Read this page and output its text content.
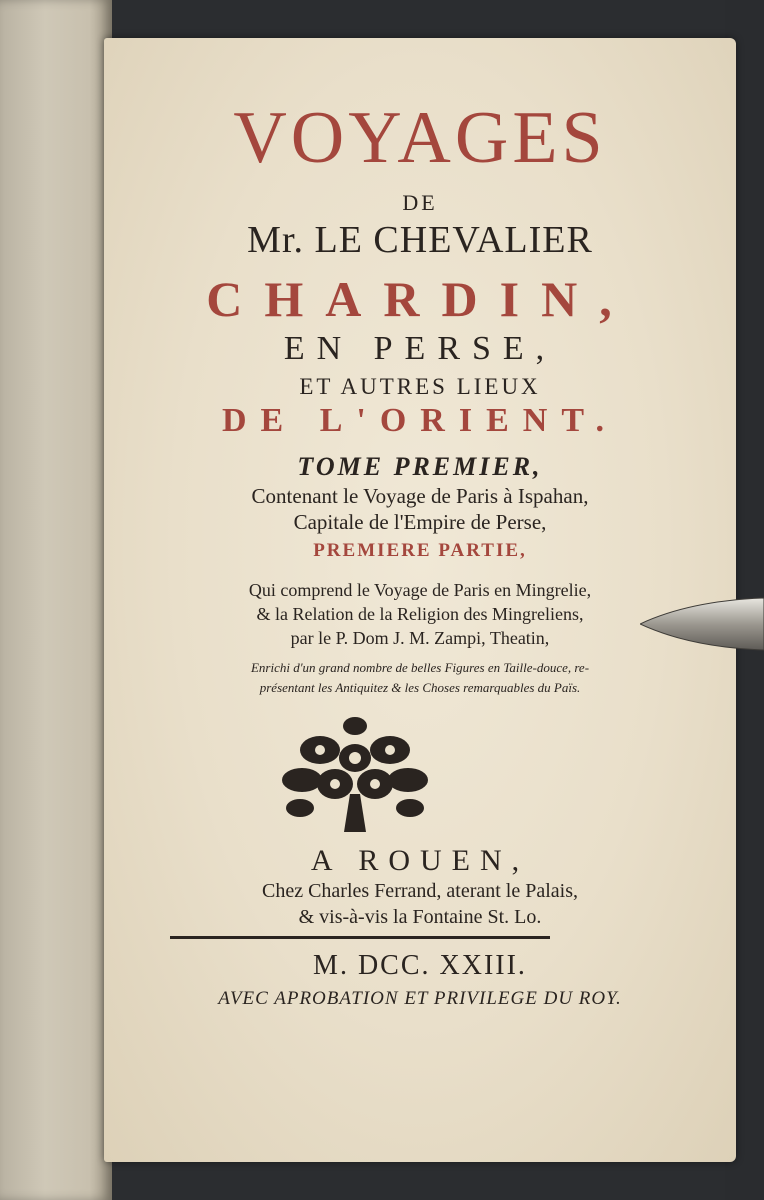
VOYAGES
DE
Mr. LE CHEVALIER
CHARDIN,
EN PERSE,
ET AUTRES LIEUX
DE L'ORIENT.
TOME PREMIER,
Contenant le Voyage de Paris à Ispahan,
Capitale de l'Empire de Perse,
PREMIERE PARTIE,
Qui comprend le Voyage de Paris en Mingrelie,
& la Relation de la Religion des Mingreliens,
par le P. Dom J. M. Zampi, Theatin,
Enrichi d'un grand nombre de belles Figures en Taille-douce, re-
présentant les Antiquitez & les Choses remarquables du Païs.
A ROUEN,
Chez Charles Ferrand, aterant le Palais,
& vis-à-vis la Fontaine St. Lo.
M. DCC. XXIII.
AVEC APROBATION ET PRIVILEGE DU ROY.
